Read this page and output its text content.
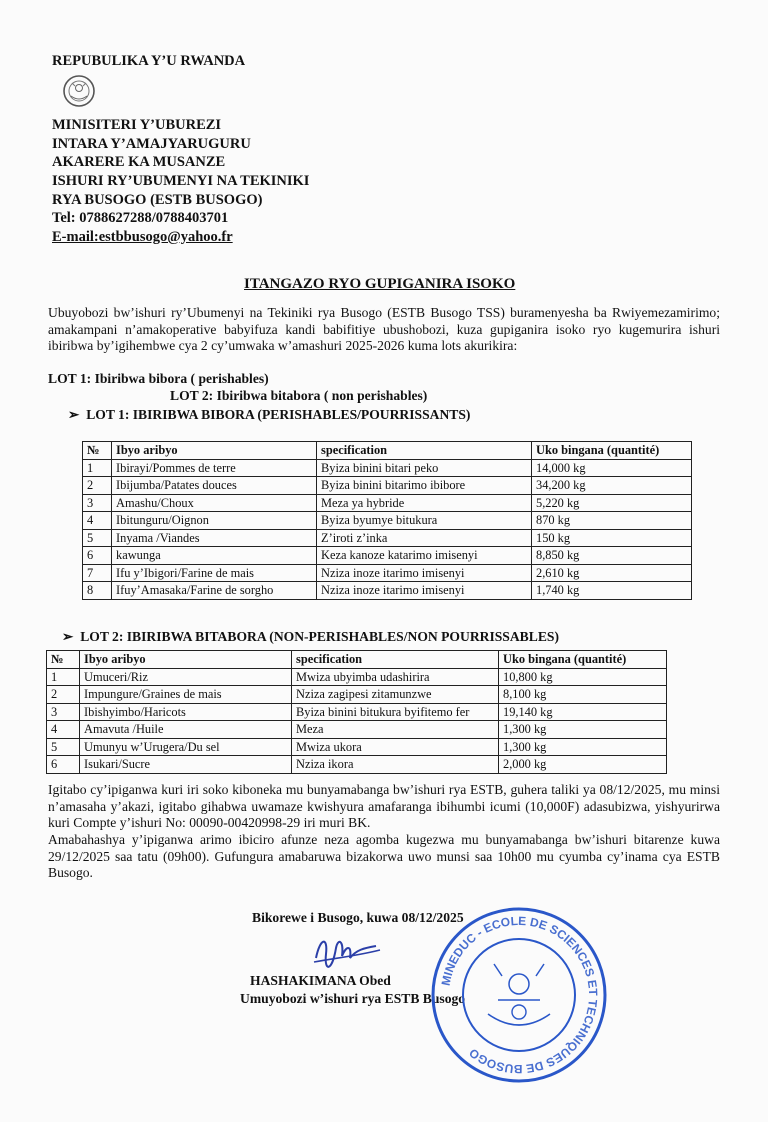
REPUBULIKA Y’U RWANDA
MINISITERI Y’UBUREZI
INTARA Y’AMAJYARUGURU
AKARERE KA MUSANZE
ISHURI RY’UBUMENYI NA TEKINIKI
RYA BUSOGO (ESTB BUSOGO)
Tel: 0788627288/0788403701
E-mail:estbbusogo@yahoo.fr
ITANGAZO RYO GUPIGANIRA ISOKO
Ubuyobozi bw’ishuri ry’Ubumenyi na Tekiniki rya Busogo (ESTB Busogo TSS) buramenyesha ba Rwiyemezamirimo; amakampani n’amakoperative babyifuza kandi babifitiye ubushobozi, kuza gupiganira isoko ryo kugemurira ishuri ibiribwa by’igihembwe cya 2 cy’umwaka w’amashuri 2025-2026 kuma lots akurikira:
LOT 1: Ibiribwa bibora ( perishables)
LOT 2: Ibiribwa bitabora ( non perishables)
➢  LOT 1: IBIRIBWA BIBORA (PERISHABLES/POURRISSANTS)
№	Ibyo aribyo	specification	Uko bingana (quantité)
1	Ibirayi/Pommes de terre	Byiza binini bitari peko	14,000 kg
2	Ibijumba/Patates douces	Byiza binini bitarimo ibibore	34,200 kg
3	Amashu/Choux	Meza ya hybride	5,220 kg
4	Ibitunguru/Oignon	Byiza byumye bitukura	870 kg
5	Inyama /Viandes	Z’iroti z’inka	150 kg
6	kawunga	Keza kanoze katarimo imisenyi	8,850 kg
7	Ifu y’Ibigori/Farine de mais	Nziza inoze itarimo imisenyi	2,610 kg
8	Ifuy’Amasaka/Farine de sorgho	Nziza inoze itarimo imisenyi	1,740 kg
➢  LOT 2: IBIRIBWA BITABORA (NON-PERISHABLES/NON POURRISSABLES)
№	Ibyo aribyo	specification	Uko bingana (quantité)
1	Umuceri/Riz	Mwiza ubyimba udashirira	10,800 kg
2	Impungure/Graines de mais	Nziza zagipesi zitamunzwe	8,100 kg
3	Ibishyimbo/Haricots	Byiza binini bitukura byifitemo fer	19,140 kg
4	Amavuta /Huile	Meza	1,300 kg
5	Umunyu w’Urugera/Du sel	Mwiza ukora	1,300 kg
6	Isukari/Sucre	Nziza ikora	2,000 kg
Igitabo cy’ipiganwa kuri iri soko kiboneka mu bunyamabanga bw’ishuri rya ESTB, guhera taliki ya 08/12/2025, mu minsi n’amasaha y’akazi, igitabo gihabwa uwamaze kwishyura amafaranga ibihumbi icumi (10,000F) adasubizwa, yishyurirwa kuri Compte y’ishuri No: 00090-00420998-29 iri muri BK.
Amabahashya y’ipiganwa arimo ibiciro afunze neza agomba kugezwa mu bunyamabanga bw’ishuri bitarenze kuwa 29/12/2025 saa tatu (09h00). Gufungura amabaruwa bizakorwa uwo munsi saa 10h00 mu cyumba cy’inama cya ESTB Busogo.
Bikorewe i Busogo, kuwa 08/12/2025
HASHAKIMANA Obed
Umuyobozi w’ishuri rya ESTB Busogo
MINEDUC - ECOLE DE SCIENCES ET TECHNIQUES DE BUSOGO
